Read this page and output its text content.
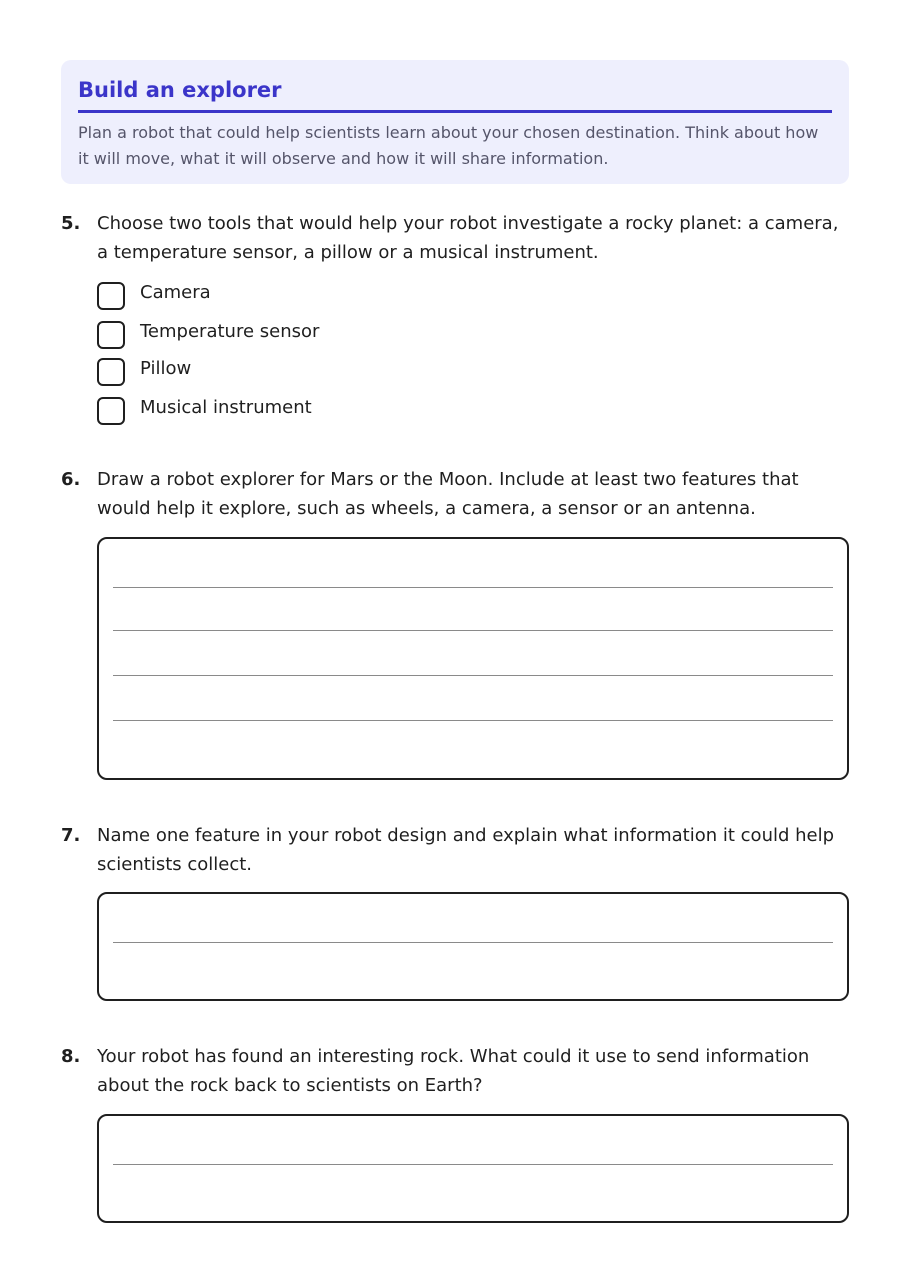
Build an explorer
Plan a robot that could help scientists learn about your chosen destination. Think about how it will move, what it will observe and how it will share information.
5. Choose two tools that would help your robot investigate a rocky planet: a camera, a temperature sensor, a pillow or a musical instrument.
Camera
Temperature sensor
Pillow
Musical instrument
6. Draw a robot explorer for Mars or the Moon. Include at least two features that would help it explore, such as wheels, a camera, a sensor or an antenna.
7. Name one feature in your robot design and explain what information it could help scientists collect.
8. Your robot has found an interesting rock. What could it use to send information about the rock back to scientists on Earth?
